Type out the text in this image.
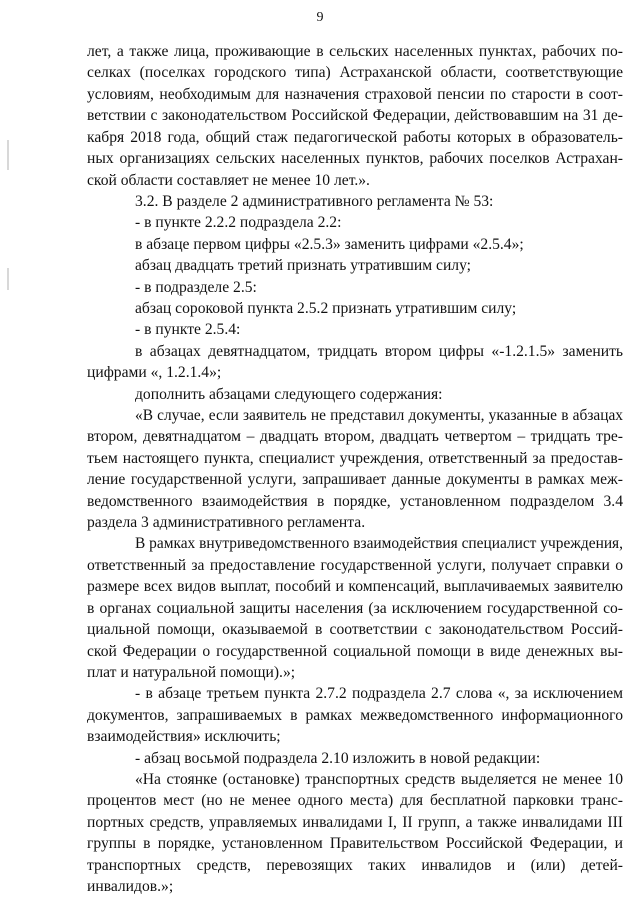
9
лет, а также лица, проживающие в сельских населенных пунктах, рабочих по-
селках (поселках городского типа) Астраханской области, соответствующие
условиям, необходимым для назначения страховой пенсии по старости в соот-
ветствии с законодательством Российской Федерации, действовавшим на 31 де-
кабря 2018 года, общий стаж педагогической работы которых в образователь-
ных организациях сельских населенных пунктов, рабочих поселков Астрахан-
ской области составляет не менее 10 лет.».
3.2. В разделе 2 административного регламента № 53:
- в пункте 2.2.2 подраздела 2.2:
в абзаце первом цифры «2.5.3» заменить цифрами «2.5.4»;
абзац двадцать третий признать утратившим силу;
- в подразделе 2.5:
абзац сороковой пункта 2.5.2 признать утратившим силу;
- в пункте 2.5.4:
в абзацах девятнадцатом, тридцать втором цифры «-1.2.1.5» заменить
цифрами «, 1.2.1.4»;
дополнить абзацами следующего содержания:
«В случае, если заявитель не представил документы, указанные в абзацах
втором, девятнадцатом – двадцать втором, двадцать четвертом – тридцать тре-
тьем настоящего пункта, специалист учреждения, ответственный за предостав-
ление государственной услуги, запрашивает данные документы в рамках меж-
ведомственного взаимодействия в порядке, установленном подразделом 3.4
раздела 3 административного регламента.
В рамках внутриведомственного взаимодействия специалист учреждения,
ответственный за предоставление государственной услуги, получает справки о
размере всех видов выплат, пособий и компенсаций, выплачиваемых заявителю
в органах социальной защиты населения (за исключением государственной со-
циальной помощи, оказываемой в соответствии с законодательством Россий-
ской Федерации о государственной социальной помощи в виде денежных вы-
плат и натуральной помощи).»;
- в абзаце третьем пункта 2.7.2 подраздела 2.7 слова «, за исключением
документов, запрашиваемых в рамках межведомственного информационного
взаимодействия» исключить;
- абзац восьмой подраздела 2.10 изложить в новой редакции:
«На стоянке (остановке) транспортных средств выделяется не менее 10
процентов мест (но не менее одного места) для бесплатной парковки транс-
портных средств, управляемых инвалидами I, II групп, а также инвалидами III
группы в порядке, установленном Правительством Российской Федерации, и
транспортных средств, перевозящих таких инвалидов и (или) детей-
инвалидов.»;
